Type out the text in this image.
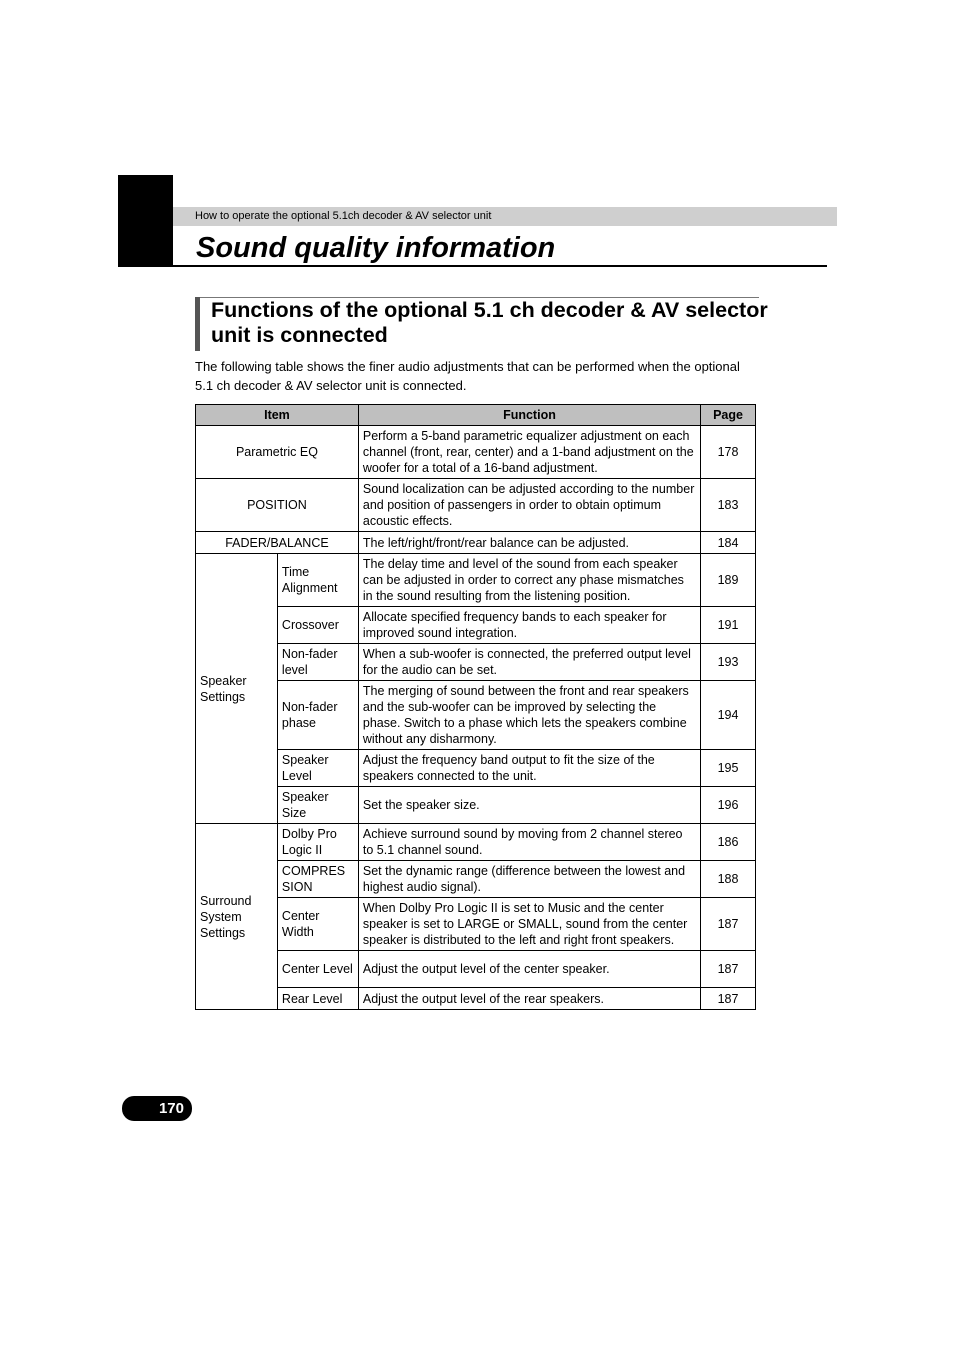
How to operate the optional 5.1ch decoder & AV selector unit
Sound quality information
Functions of the optional 5.1 ch decoder & AV selector unit is connected

The following table shows the finer audio adjustments that can be performed when the optional 5.1 ch decoder & AV selector unit is connected.

Item		Function	Page
Parametric EQ		Perform a 5-band parametric equalizer adjustment on each channel (front, rear, center) and a 1-band adjustment on the woofer for a total of a 16-band adjustment.	178
POSITION		Sound localization can be adjusted according to the number and position of passengers in order to obtain optimum acoustic effects.	183
FADER/BALANCE		The left/right/front/rear balance can be adjusted.	184
Speaker Settings	Time Alignment	The delay time and level of the sound from each speaker can be adjusted in order to correct any phase mismatches in the sound resulting from the listening position.	189
	Crossover	Allocate specified frequency bands to each speaker for improved sound integration.	191
	Non-fader level	When a sub-woofer is connected, the preferred output level for the audio can be set.	193
	Non-fader phase	The merging of sound between the front and rear speakers and the sub-woofer can be improved by selecting the phase. Switch to a phase which lets the speakers combine without any disharmony.	194
	Speaker Level	Adjust the frequency band output to fit the size of the speakers connected to the unit.	195
	Speaker Size	Set the speaker size.	196
Surround System Settings	Dolby Pro Logic II	Achieve surround sound by moving from 2 channel stereo to 5.1 channel sound.	186
	COMPRES SION	Set the dynamic range (difference between the lowest and highest audio signal).	188
	Center Width	When Dolby Pro Logic II is set to Music and the center speaker is set to LARGE or SMALL, sound from the center speaker is distributed to the left and right front speakers.	187
	Center Level	Adjust the output level of the center speaker.	187
	Rear Level	Adjust the output level of the rear speakers.	187
170
